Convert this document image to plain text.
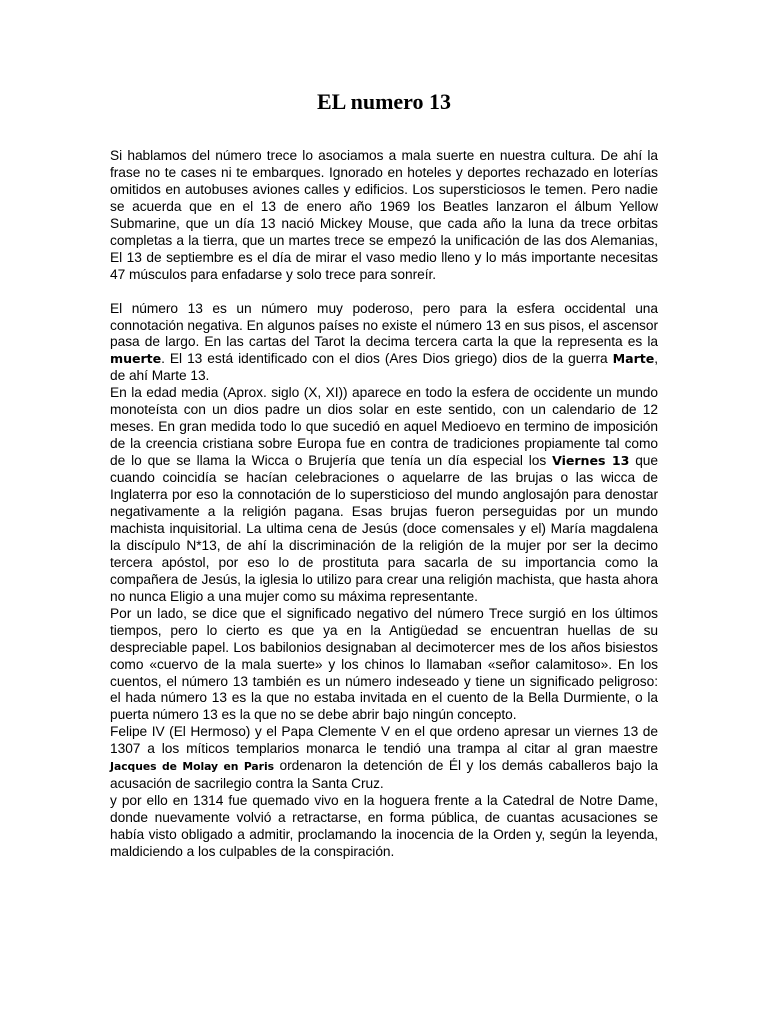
EL numero 13

Si hablamos del número trece lo asociamos a mala suerte en nuestra cultura. De ahí la frase no te cases ni te embarques. Ignorado en hoteles y deportes rechazado en loterías omitidos en autobuses aviones calles y edificios. Los supersticiosos le temen. Pero nadie se acuerda que en el 13 de enero año 1969 los Beatles lanzaron el álbum Yellow Submarine, que un día 13 nació Mickey Mouse, que cada año la luna da trece orbitas completas a la tierra, que un martes trece se empezó la unificación de las dos Alemanias, El 13 de septiembre es el día de mirar el vaso medio lleno y lo más importante necesitas 47 músculos para enfadarse y solo trece para sonreír.

El número 13 es un número muy poderoso, pero para la esfera occidental una connotación negativa. En algunos países no existe el número 13 en sus pisos, el ascensor pasa de largo. En las cartas del Tarot la decima tercera carta la que la representa es la muerte. El 13 está identificado con el dios (Ares Dios griego) dios de la guerra Marte, de ahí Marte 13.

En la edad media (Aprox. siglo (X, XI)) aparece en todo la esfera de occidente un mundo monoteísta con un dios padre un dios solar en este sentido, con un calendario de 12 meses. En gran medida todo lo que sucedió en aquel Medioevo en termino de imposición de la creencia cristiana sobre Europa fue en contra de tradiciones propiamente tal como de lo que se llama la Wicca o Brujería que tenía un día especial los Viernes 13 que cuando coincidía se hacían celebraciones o aquelarre de las brujas o las wicca de Inglaterra por eso la connotación de lo supersticioso del mundo anglosajón para denostar negativamente a la religión pagana. Esas brujas fueron perseguidas por un mundo machista inquisitorial. La ultima cena de Jesús (doce comensales y el) María magdalena la discípulo N*13, de ahí la discriminación de la religión de la mujer por ser la decimo tercera apóstol, por eso lo de prostituta para sacarla de su importancia como la compañera de Jesús, la iglesia lo utilizo para crear una religión machista, que hasta ahora no nunca Eligio a una mujer como su máxima representante.

Por un lado, se dice que el significado negativo del número Trece surgió en los últimos tiempos, pero lo cierto es que ya en la Antigüedad se encuentran huellas de su despreciable papel. Los babilonios designaban al decimotercer mes de los años bisiestos como «cuervo de la mala suerte» y los chinos lo llamaban «señor calamitoso». En los cuentos, el número 13 también es un número indeseado y tiene un significado peligroso: el hada número 13 es la que no estaba invitada en el cuento de la Bella Durmiente, o la puerta número 13 es la que no se debe abrir bajo ningún concepto.

Felipe IV (El Hermoso) y el Papa Clemente V en el que ordeno apresar un viernes 13 de 1307 a los míticos templarios monarca le tendió una trampa al citar al gran maestre Jacques de Molay en Paris ordenaron la detención de Él y los demás caballeros bajo la acusación de sacrilegio contra la Santa Cruz.

y por ello en 1314 fue quemado vivo en la hoguera frente a la Catedral de Notre Dame, donde nuevamente volvió a retractarse, en forma pública, de cuantas acusaciones se había visto obligado a admitir, proclamando la inocencia de la Orden y, según la leyenda, maldiciendo a los culpables de la conspiración.
